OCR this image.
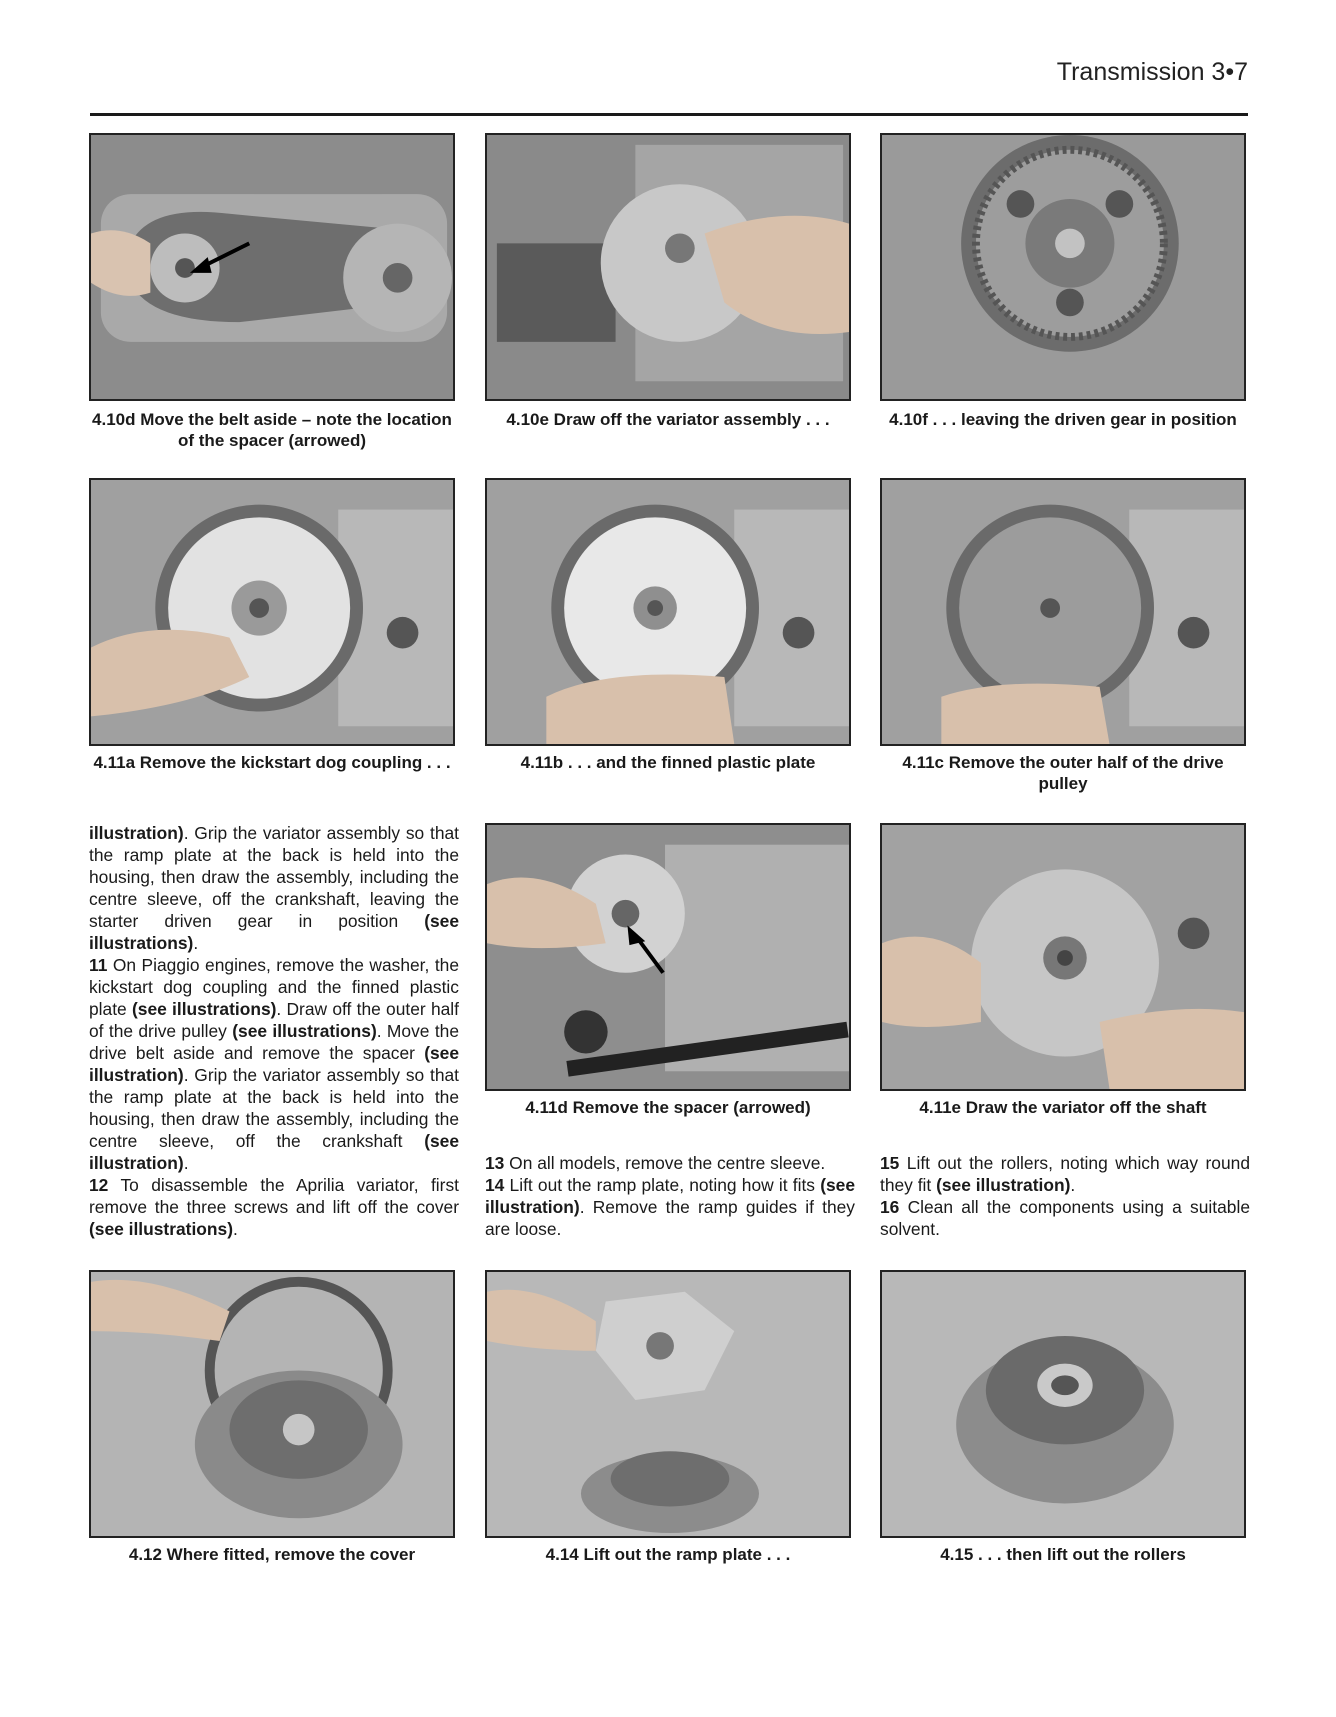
Transmission 3•7
4.10d Move the belt aside – note the location of the spacer (arrowed)
4.10e Draw off the variator assembly . . .	4.10f . . . leaving the driven gear in position
4.11a Remove the kickstart dog coupling . . .	4.11b . . . and the finned plastic plate	4.11c Remove the outer half of the drive pulley

illustration). Grip the variator assembly so that the ramp plate at the back is held into the housing, then draw the assembly, including the centre sleeve, off the crankshaft, leaving the starter driven gear in position (see illustrations).

11 On Piaggio engines, remove the washer, the kickstart dog coupling and the finned plastic plate (see illustrations). Draw off the outer half of the drive pulley (see illustrations). Move the drive belt aside and remove the spacer (see illustration). Grip the variator assembly so that the ramp plate at the back is held into the housing, then draw the assembly, including the centre sleeve, off the crankshaft (see illustration).

12 To disassemble the Aprilia variator, first remove the three screws and lift off the cover (see illustrations).

4.11d Remove the spacer (arrowed)	4.11e Draw the variator off the shaft

13 On all models, remove the centre sleeve.

14 Lift out the ramp plate, noting how it fits (see illustration). Remove the ramp guides if they are loose.

15 Lift out the rollers, noting which way round they fit (see illustration).

16 Clean all the components using a suitable solvent.

4.12 Where fitted, remove the cover	4.14 Lift out the ramp plate . . .	4.15 . . . then lift out the rollers
